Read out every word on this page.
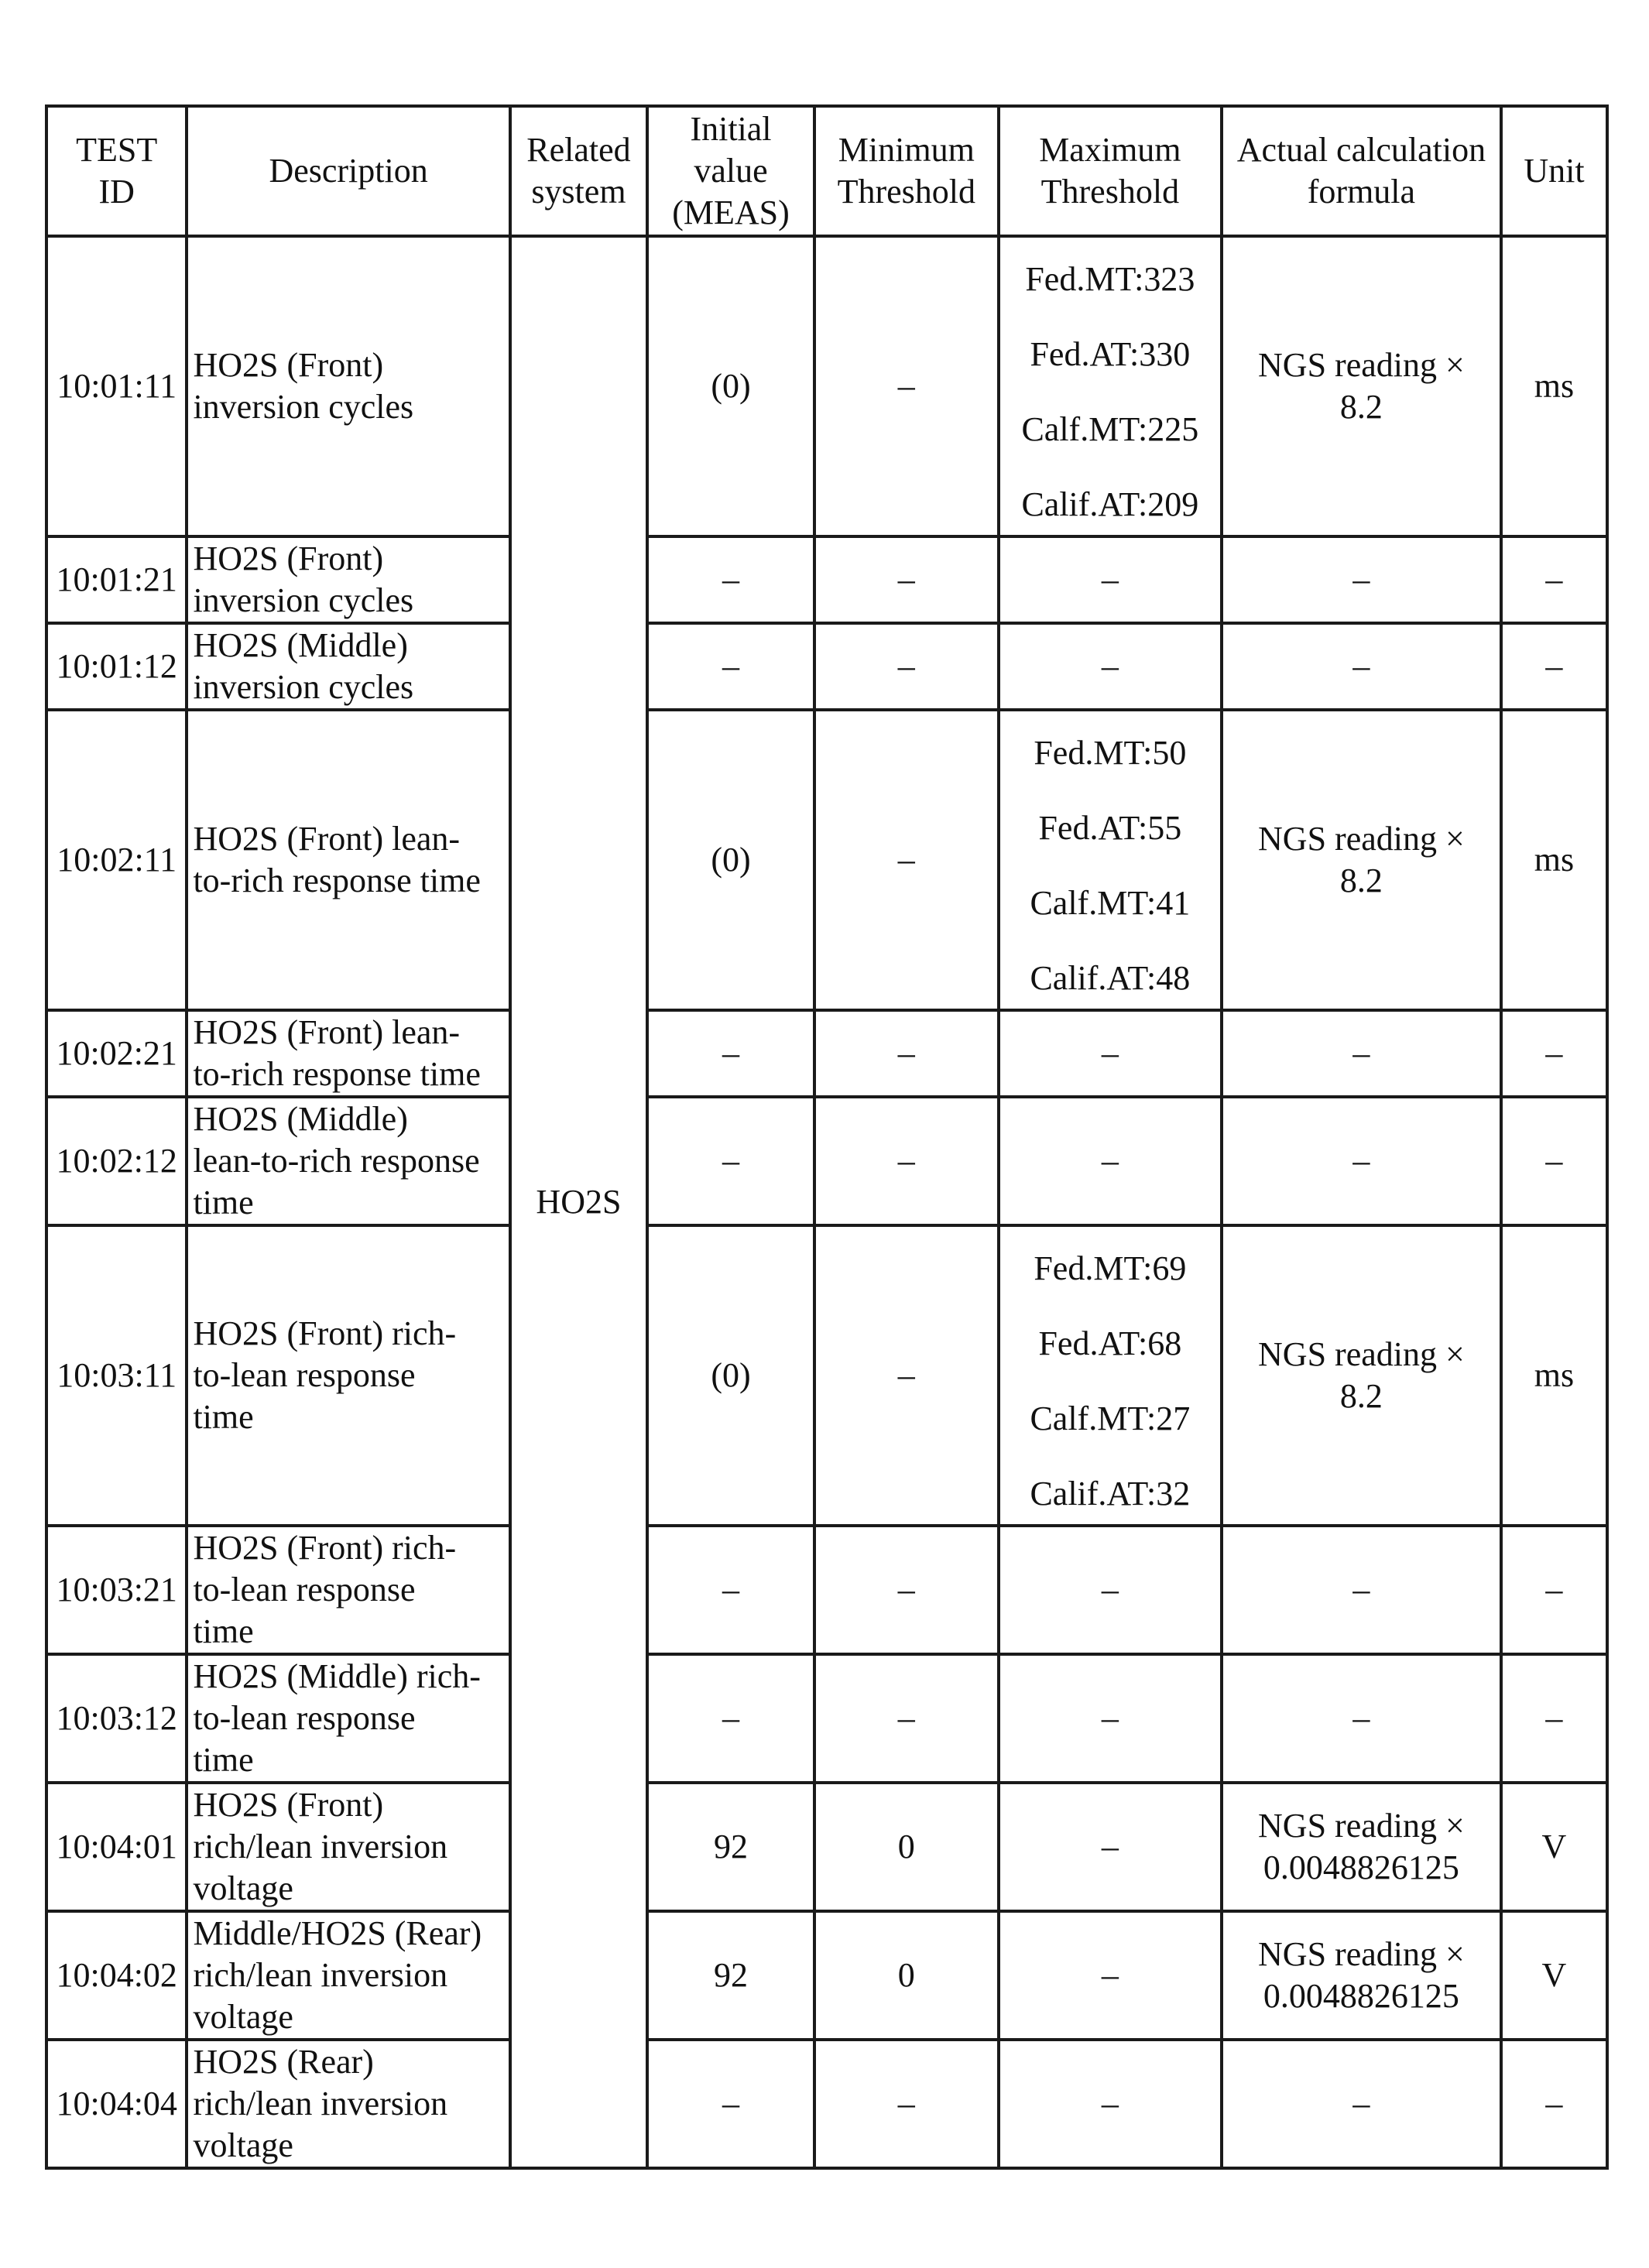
TEST
ID	Description	Related
system	Initial
value
(MEAS)	Minimum
Threshold	Maximum
Threshold	Actual calculation
formula	Unit
10:01:11	HO2S (Front)
inversion cycles	HO2S	(0)	–	Fed.MT:323
Fed.AT:330
Calf.MT:225
Calif.AT:209	NGS reading ×
8.2	ms
10:01:21	HO2S (Front)
inversion cycles		–	–	–	–	–
10:01:12	HO2S (Middle)
inversion cycles		–	–	–	–	–
10:02:11	HO2S (Front) lean-
to-rich response time		(0)	–	Fed.MT:50
Fed.AT:55
Calf.MT:41
Calif.AT:48	NGS reading ×
8.2	ms
10:02:21	HO2S (Front) lean-
to-rich response time		–	–	–	–	–
10:02:12	HO2S (Middle)
lean-to-rich response
time		–	–	–	–	–
10:03:11	HO2S (Front) rich-
to-lean response
time		(0)	–	Fed.MT:69
Fed.AT:68
Calf.MT:27
Calif.AT:32	NGS reading ×
8.2	ms
10:03:21	HO2S (Front) rich-
to-lean response
time		–	–	–	–	–
10:03:12	HO2S (Middle) rich-
to-lean response
time		–	–	–	–	–
10:04:01	HO2S (Front)
rich/lean inversion
voltage		92	0	–	NGS reading ×
0.0048826125	V
10:04:02	Middle/HO2S (Rear)
rich/lean inversion
voltage		92	0	–	NGS reading ×
0.0048826125	V
10:04:04	HO2S (Rear)
rich/lean inversion
voltage		–	–	–	–	–
